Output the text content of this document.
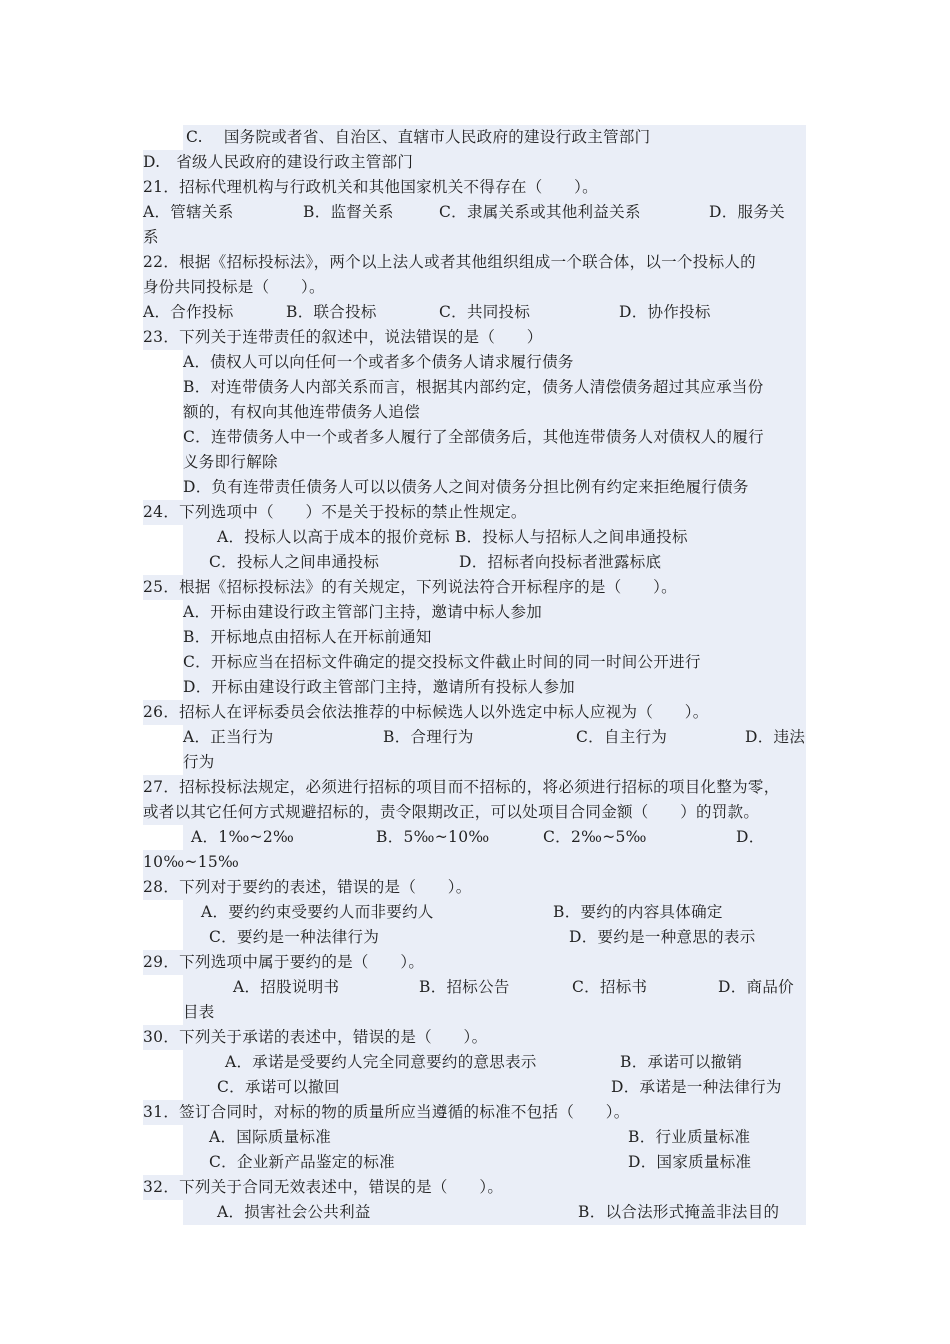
C.　 国务院或者省、自治区、直辖市人民政府的建设行政主管部门
D.　省级人民政府的建设行政主管部门
21．招标代理机构与行政机关和其他国家机关不得存在（　　）。
A．管辖关系	B．监督关系	C．隶属关系或其他利益关系	D．服务关
系
22．根据《招标投标法》，两个以上法人或者其他组织组成一个联合体，以一个投标人的
身份共同投标是（　　）。
A．合作投标	B．联合投标	C．共同投标	D．协作投标
23．下列关于连带责任的叙述中，说法错误的是（　　）
A．债权人可以向任何一个或者多个债务人请求履行债务
B．对连带债务人内部关系而言，根据其内部约定，债务人清偿债务超过其应承当份
额的，有权向其他连带债务人追偿
C．连带债务人中一个或者多人履行了全部债务后，其他连带债务人对债权人的履行
义务即行解除
D．负有连带责任债务人可以以债务人之间对债务分担比例有约定来拒绝履行债务
24．下列选项中（　　）不是关于投标的禁止性规定。
A．投标人以高于成本的报价竞标 B．投标人与招标人之间串通投标
C．投标人之间串通投标	D．招标者向投标者泄露标底
25．根据《招标投标法》的有关规定，下列说法符合开标程序的是（　　）。
A．开标由建设行政主管部门主持，邀请中标人参加
B．开标地点由招标人在开标前通知
C．开标应当在招标文件确定的提交投标文件截止时间的同一时间公开进行
D．开标由建设行政主管部门主持，邀请所有投标人参加
26．招标人在评标委员会依法推荐的中标候选人以外选定中标人应视为（　　）。
A．正当行为	B．合理行为	C．自主行为	D．违法
行为
27．招标投标法规定，必须进行招标的项目而不招标的，将必须进行招标的项目化整为零，
或者以其它任何方式规避招标的，责令限期改正，可以处项目合同金额（　　）的罚款。
A．1‰~2‰	B．5‰~10‰	C．2‰~5‰	D．
10‰~15‰
28．下列对于要约的表述，错误的是（　　）。
A．要约约束受要约人而非要约人	B．要约的内容具体确定
C．要约是一种法律行为	D．要约是一种意思的表示
29．下列选项中属于要约的是（　　）。
A．招股说明书	B．招标公告	C．招标书	D．商品价
目表
30．下列关于承诺的表述中，错误的是（　　）。
A．承诺是受要约人完全同意要约的意思表示	B．承诺可以撤销
C．承诺可以撤回	D．承诺是一种法律行为
31．签订合同时，对标的物的质量所应当遵循的标准不包括（　　）。
A．国际质量标准	B．行业质量标准
C．企业新产品鉴定的标准	D．国家质量标准
32．下列关于合同无效表述中，错误的是（　　）。
A．损害社会公共利益	B．以合法形式掩盖非法目的
